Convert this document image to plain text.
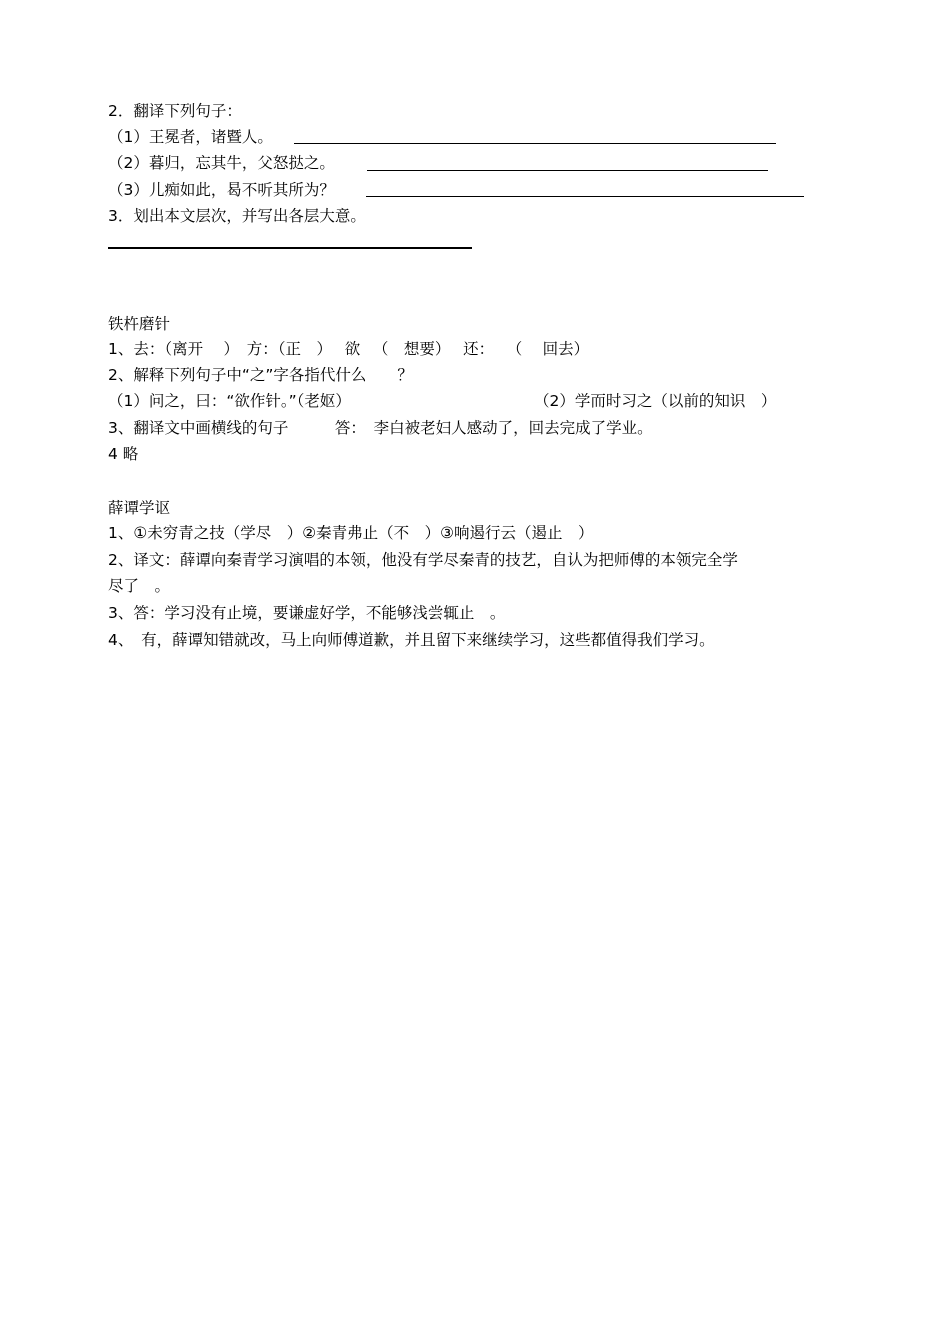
2．翻译下列句子：
（1）王冕者，诸暨人。
（2）暮归，忘其牛，父怒挞之。
（3）儿痴如此，曷不听其所为？
3．划出本文层次，并写出各层大意。
铁杵磨针
1、去：（离开　 ）　方：（正　）　 欲 　（　想要）　 还：　 （ 　回去）
2、解释下列句子中“之”字各指代什么　　？
（1）问之，曰：“欲作针。”（老妪）	（2）学而时习之（以前的知识　）
3、翻译文中画横线的句子　　　答：　李白被老妇人感动了，回去完成了学业。
4 略
薛谭学讴
1、①未穷青之技（学尽　）②秦青弗止（不　）③响遏行云（遏止　）
2、译文：薛谭向秦青学习演唱的本领，他没有学尽秦青的技艺，自认为把师傅的本领完全学
尽了　。
3、答：学习没有止境，要谦虚好学，不能够浅尝辄止　。
4、　有，薛谭知错就改，马上向师傅道歉，并且留下来继续学习，这些都值得我们学习。
